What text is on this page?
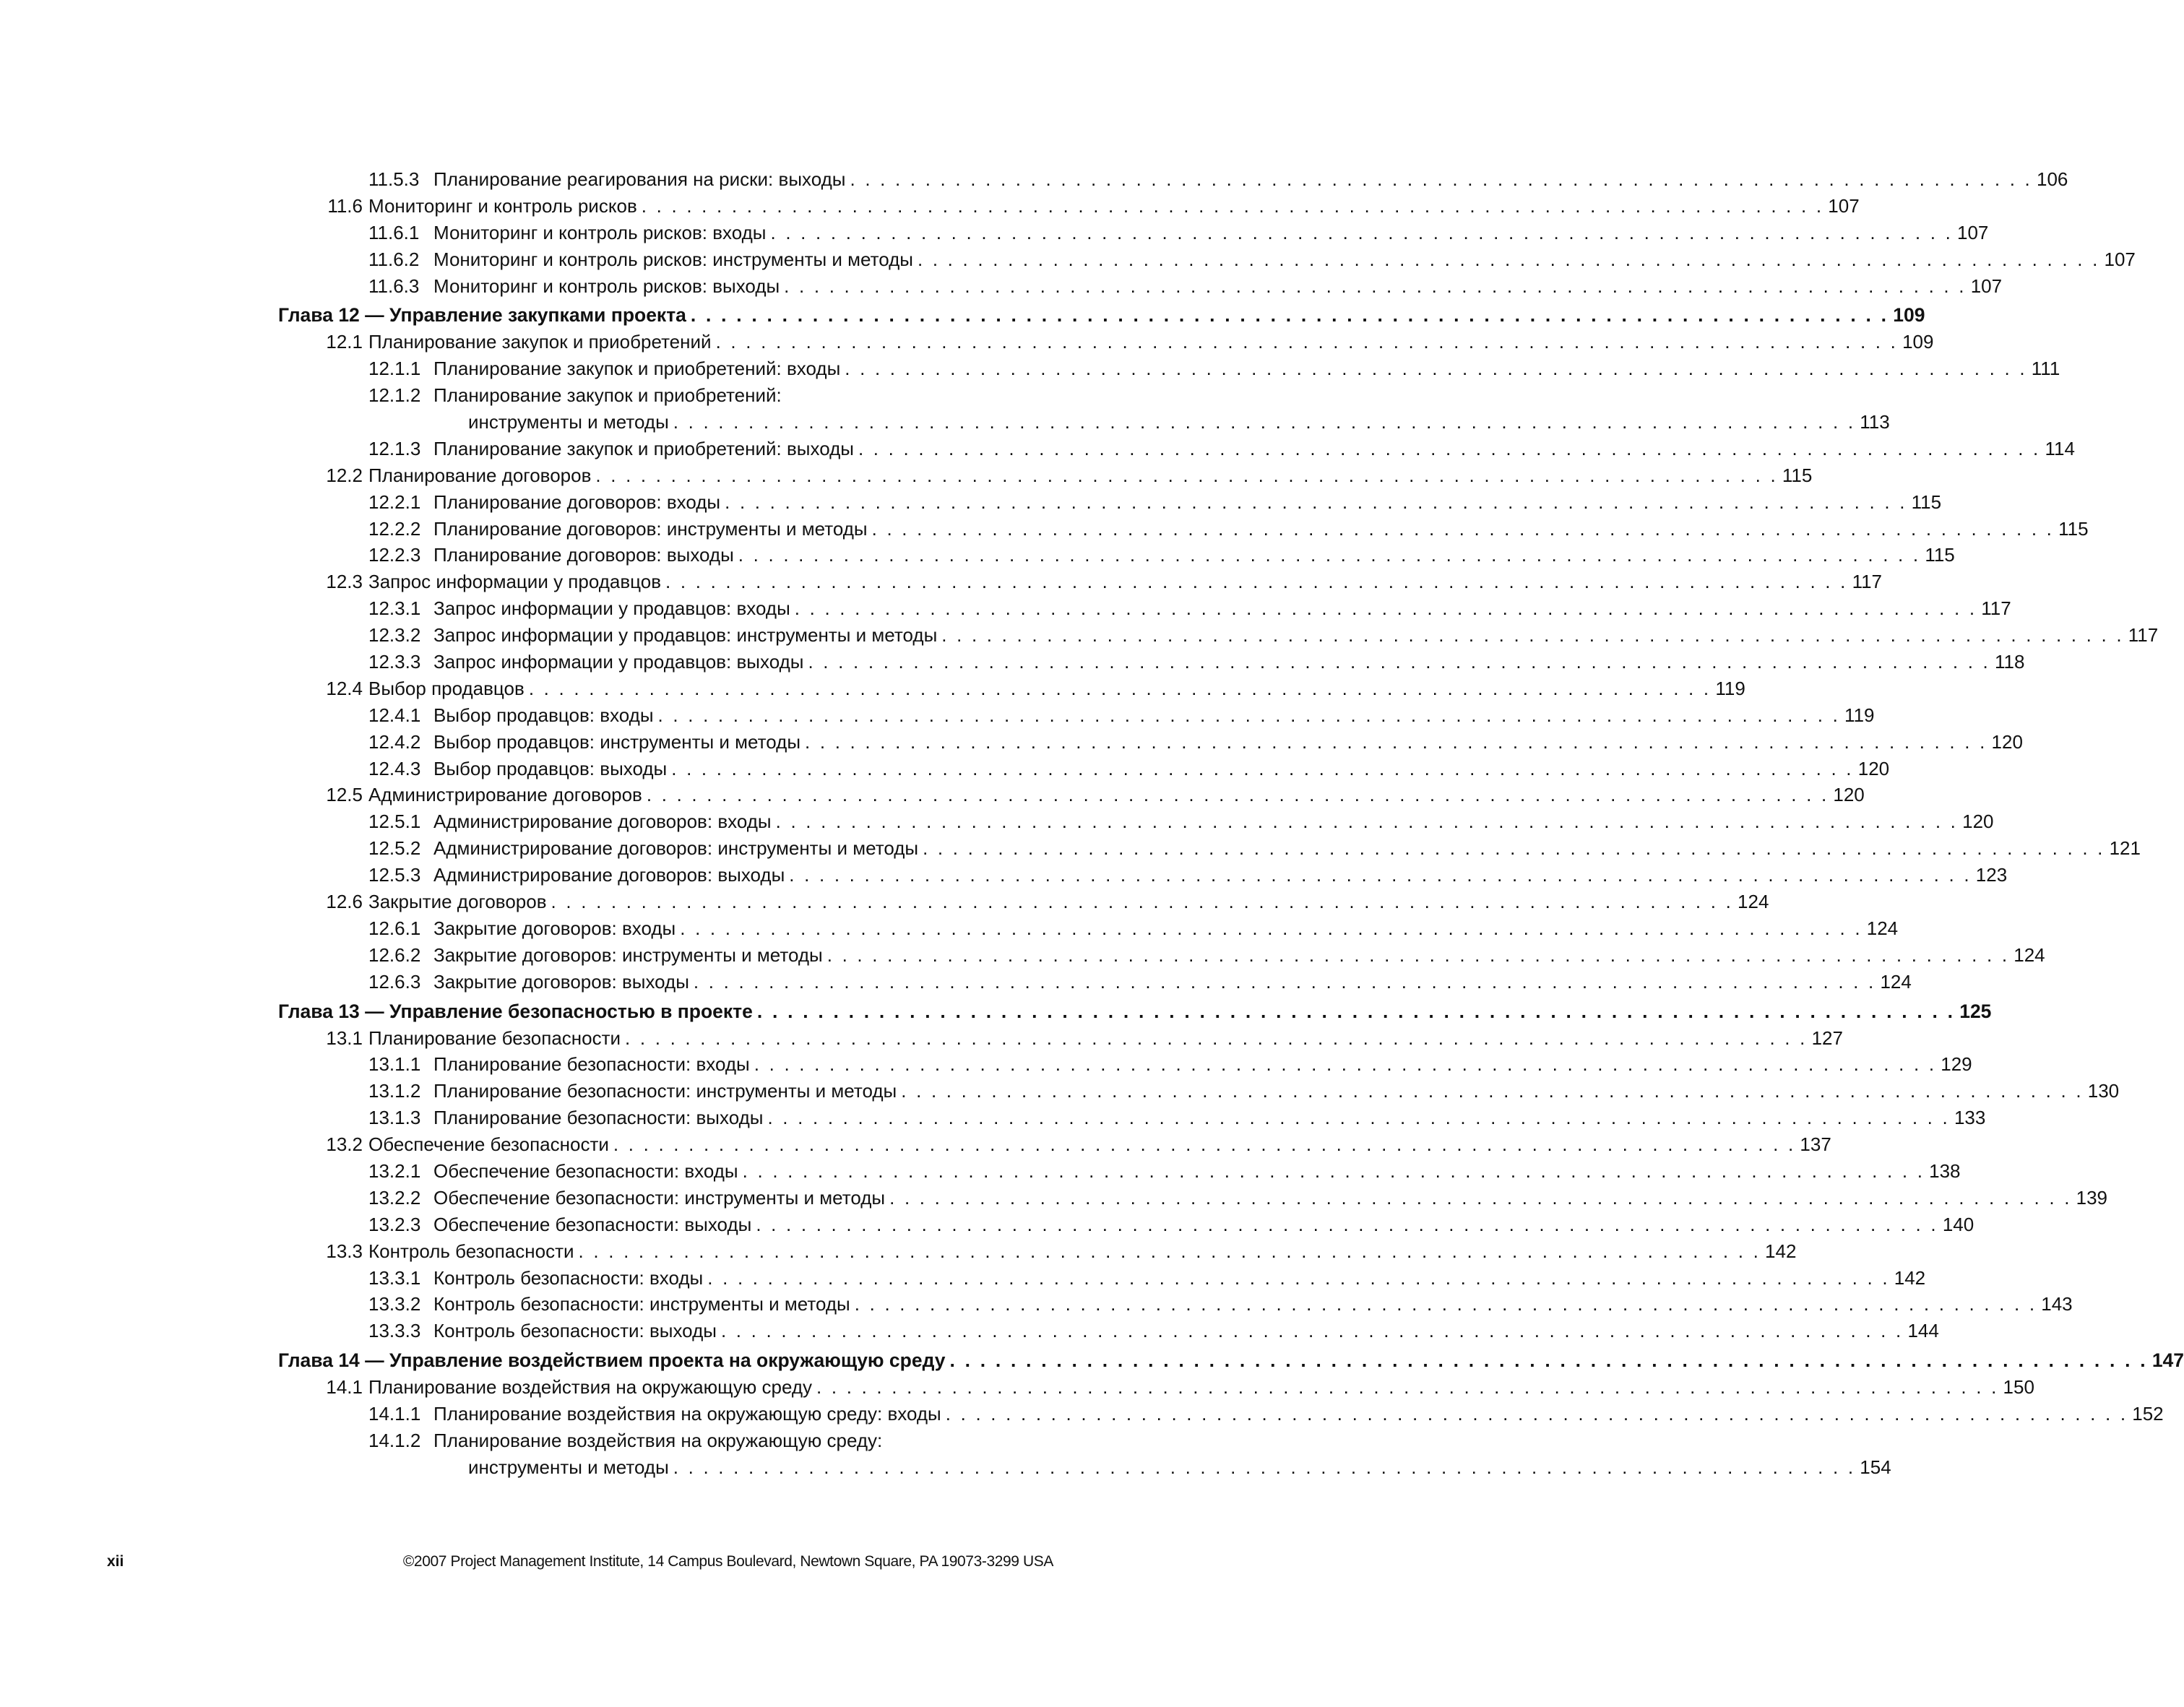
11.5.3 Планирование реагирования на риски: выходы . . . . . . . . . . . . . . . . . . . . . . . . . . . . . . . . . . . . . . . . . . . . . . . . . . . . . . . . . . . . . . . . . . . . . . . . . . . . . . . 106
11.6 Мониторинг и контроль рисков . . . . . . . . . . . . . . . . . . . . . . . . . . . . . . . . . . . . . . . . . . . . . . . . . . . . . . . . . . . . . . . . . . . . . . . . . . . . . . . 107
11.6.1 Мониторинг и контроль рисков: входы . . . . . . . . . . . . . . . . . . . . . . . . . . . . . . . . . . . . . . . . . . . . . . . . . . . . . . . . . . . . . . . . . . . . . . . . . . . . . . . 107
11.6.2 Мониторинг и контроль рисков: инструменты и методы . . . . . . . . . . . . . . . . . . . . . . . . . . . . . . . . . . . . . . . . . . . . . . . . . . . . . . . . . . . . . . . . . . . . . . . . . . . . . . . 107
11.6.3 Мониторинг и контроль рисков: выходы . . . . . . . . . . . . . . . . . . . . . . . . . . . . . . . . . . . . . . . . . . . . . . . . . . . . . . . . . . . . . . . . . . . . . . . . . . . . . . . 107
Глава 12 — Управление закупками проекта . . . . . . . . . . . . . . . . . . . . . . . . . . . . . . . . . . . . . . . . . . . . . . . . . . . . . . . . . . . . . . . . . . . . . . . . . . . . . . . 109
12.1 Планирование закупок и приобретений . . . . . . . . . . . . . . . . . . . . . . . . . . . . . . . . . . . . . . . . . . . . . . . . . . . . . . . . . . . . . . . . . . . . . . . . . . . . . . . 109
12.1.1 Планирование закупок и приобретений: входы . . . . . . . . . . . . . . . . . . . . . . . . . . . . . . . . . . . . . . . . . . . . . . . . . . . . . . . . . . . . . . . . . . . . . . . . . . . . . . . 111
12.1.2 Планирование закупок и приобретений:
инструменты и методы . . . . . . . . . . . . . . . . . . . . . . . . . . . . . . . . . . . . . . . . . . . . . . . . . . . . . . . . . . . . . . . . . . . . . . . . . . . . . . . 113
12.1.3 Планирование закупок и приобретений: выходы . . . . . . . . . . . . . . . . . . . . . . . . . . . . . . . . . . . . . . . . . . . . . . . . . . . . . . . . . . . . . . . . . . . . . . . . . . . . . . . 114
12.2 Планирование договоров . . . . . . . . . . . . . . . . . . . . . . . . . . . . . . . . . . . . . . . . . . . . . . . . . . . . . . . . . . . . . . . . . . . . . . . . . . . . . . . 115
12.2.1 Планирование договоров: входы . . . . . . . . . . . . . . . . . . . . . . . . . . . . . . . . . . . . . . . . . . . . . . . . . . . . . . . . . . . . . . . . . . . . . . . . . . . . . . . 115
12.2.2 Планирование договоров: инструменты и методы . . . . . . . . . . . . . . . . . . . . . . . . . . . . . . . . . . . . . . . . . . . . . . . . . . . . . . . . . . . . . . . . . . . . . . . . . . . . . . . 115
12.2.3 Планирование договоров: выходы . . . . . . . . . . . . . . . . . . . . . . . . . . . . . . . . . . . . . . . . . . . . . . . . . . . . . . . . . . . . . . . . . . . . . . . . . . . . . . . 115
12.3 Запрос информации у продавцов . . . . . . . . . . . . . . . . . . . . . . . . . . . . . . . . . . . . . . . . . . . . . . . . . . . . . . . . . . . . . . . . . . . . . . . . . . . . . . . 117
12.3.1 Запрос информации у продавцов: входы . . . . . . . . . . . . . . . . . . . . . . . . . . . . . . . . . . . . . . . . . . . . . . . . . . . . . . . . . . . . . . . . . . . . . . . . . . . . . . . 117
12.3.2 Запрос информации у продавцов: инструменты и методы . . . . . . . . . . . . . . . . . . . . . . . . . . . . . . . . . . . . . . . . . . . . . . . . . . . . . . . . . . . . . . . . . . . . . . . . . . . . . . . 117
12.3.3 Запрос информации у продавцов: выходы . . . . . . . . . . . . . . . . . . . . . . . . . . . . . . . . . . . . . . . . . . . . . . . . . . . . . . . . . . . . . . . . . . . . . . . . . . . . . . . 118
12.4 Выбор продавцов . . . . . . . . . . . . . . . . . . . . . . . . . . . . . . . . . . . . . . . . . . . . . . . . . . . . . . . . . . . . . . . . . . . . . . . . . . . . . . . 119
12.4.1 Выбор продавцов: входы . . . . . . . . . . . . . . . . . . . . . . . . . . . . . . . . . . . . . . . . . . . . . . . . . . . . . . . . . . . . . . . . . . . . . . . . . . . . . . . 119
12.4.2 Выбор продавцов: инструменты и методы . . . . . . . . . . . . . . . . . . . . . . . . . . . . . . . . . . . . . . . . . . . . . . . . . . . . . . . . . . . . . . . . . . . . . . . . . . . . . . . 120
12.4.3 Выбор продавцов: выходы . . . . . . . . . . . . . . . . . . . . . . . . . . . . . . . . . . . . . . . . . . . . . . . . . . . . . . . . . . . . . . . . . . . . . . . . . . . . . . . 120
12.5 Администрирование договоров . . . . . . . . . . . . . . . . . . . . . . . . . . . . . . . . . . . . . . . . . . . . . . . . . . . . . . . . . . . . . . . . . . . . . . . . . . . . . . . 120
12.5.1 Администрирование договоров: входы . . . . . . . . . . . . . . . . . . . . . . . . . . . . . . . . . . . . . . . . . . . . . . . . . . . . . . . . . . . . . . . . . . . . . . . . . . . . . . . 120
12.5.2 Администрирование договоров: инструменты и методы . . . . . . . . . . . . . . . . . . . . . . . . . . . . . . . . . . . . . . . . . . . . . . . . . . . . . . . . . . . . . . . . . . . . . . . . . . . . . . . 121
12.5.3 Администрирование договоров: выходы . . . . . . . . . . . . . . . . . . . . . . . . . . . . . . . . . . . . . . . . . . . . . . . . . . . . . . . . . . . . . . . . . . . . . . . . . . . . . . . 123
12.6 Закрытие договоров . . . . . . . . . . . . . . . . . . . . . . . . . . . . . . . . . . . . . . . . . . . . . . . . . . . . . . . . . . . . . . . . . . . . . . . . . . . . . . . 124
12.6.1 Закрытие договоров: входы . . . . . . . . . . . . . . . . . . . . . . . . . . . . . . . . . . . . . . . . . . . . . . . . . . . . . . . . . . . . . . . . . . . . . . . . . . . . . . . 124
12.6.2 Закрытие договоров: инструменты и методы . . . . . . . . . . . . . . . . . . . . . . . . . . . . . . . . . . . . . . . . . . . . . . . . . . . . . . . . . . . . . . . . . . . . . . . . . . . . . . . 124
12.6.3 Закрытие договоров: выходы . . . . . . . . . . . . . . . . . . . . . . . . . . . . . . . . . . . . . . . . . . . . . . . . . . . . . . . . . . . . . . . . . . . . . . . . . . . . . . . 124
Глава 13 — Управление безопасностью в проекте . . . . . . . . . . . . . . . . . . . . . . . . . . . . . . . . . . . . . . . . . . . . . . . . . . . . . . . . . . . . . . . . . . . . . . . . . . . . . . . 125
13.1 Планирование безопасности . . . . . . . . . . . . . . . . . . . . . . . . . . . . . . . . . . . . . . . . . . . . . . . . . . . . . . . . . . . . . . . . . . . . . . . . . . . . . . . 127
13.1.1 Планирование безопасности: входы . . . . . . . . . . . . . . . . . . . . . . . . . . . . . . . . . . . . . . . . . . . . . . . . . . . . . . . . . . . . . . . . . . . . . . . . . . . . . . . 129
13.1.2 Планирование безопасности: инструменты и методы . . . . . . . . . . . . . . . . . . . . . . . . . . . . . . . . . . . . . . . . . . . . . . . . . . . . . . . . . . . . . . . . . . . . . . . . . . . . . . . 130
13.1.3 Планирование безопасности: выходы . . . . . . . . . . . . . . . . . . . . . . . . . . . . . . . . . . . . . . . . . . . . . . . . . . . . . . . . . . . . . . . . . . . . . . . . . . . . . . . 133
13.2 Обеспечение безопасности . . . . . . . . . . . . . . . . . . . . . . . . . . . . . . . . . . . . . . . . . . . . . . . . . . . . . . . . . . . . . . . . . . . . . . . . . . . . . . . 137
13.2.1 Обеспечение безопасности: входы . . . . . . . . . . . . . . . . . . . . . . . . . . . . . . . . . . . . . . . . . . . . . . . . . . . . . . . . . . . . . . . . . . . . . . . . . . . . . . . 138
13.2.2 Обеспечение безопасности: инструменты и методы . . . . . . . . . . . . . . . . . . . . . . . . . . . . . . . . . . . . . . . . . . . . . . . . . . . . . . . . . . . . . . . . . . . . . . . . . . . . . . . 139
13.2.3 Обеспечение безопасности: выходы . . . . . . . . . . . . . . . . . . . . . . . . . . . . . . . . . . . . . . . . . . . . . . . . . . . . . . . . . . . . . . . . . . . . . . . . . . . . . . . 140
13.3 Контроль безопасности . . . . . . . . . . . . . . . . . . . . . . . . . . . . . . . . . . . . . . . . . . . . . . . . . . . . . . . . . . . . . . . . . . . . . . . . . . . . . . . 142
13.3.1 Контроль безопасности: входы . . . . . . . . . . . . . . . . . . . . . . . . . . . . . . . . . . . . . . . . . . . . . . . . . . . . . . . . . . . . . . . . . . . . . . . . . . . . . . . 142
13.3.2 Контроль безопасности: инструменты и методы . . . . . . . . . . . . . . . . . . . . . . . . . . . . . . . . . . . . . . . . . . . . . . . . . . . . . . . . . . . . . . . . . . . . . . . . . . . . . . . 143
13.3.3 Контроль безопасности: выходы . . . . . . . . . . . . . . . . . . . . . . . . . . . . . . . . . . . . . . . . . . . . . . . . . . . . . . . . . . . . . . . . . . . . . . . . . . . . . . . 144
Глава 14 — Управление воздействием проекта на окружающую среду . . . . . . . . . . . . . . . . . . . . . . . . . . . . . . . . . . . . . . . . . . . . . . . . . . . . . . . . . . . . . . . . . . . . . . . . . . . . . . . 147
14.1 Планирование воздействия на окружающую среду . . . . . . . . . . . . . . . . . . . . . . . . . . . . . . . . . . . . . . . . . . . . . . . . . . . . . . . . . . . . . . . . . . . . . . . . . . . . . . . 150
14.1.1 Планирование воздействия на окружающую среду: входы . . . . . . . . . . . . . . . . . . . . . . . . . . . . . . . . . . . . . . . . . . . . . . . . . . . . . . . . . . . . . . . . . . . . . . . . . . . . . . . 152
14.1.2 Планирование воздействия на окружающую среду:
инструменты и методы . . . . . . . . . . . . . . . . . . . . . . . . . . . . . . . . . . . . . . . . . . . . . . . . . . . . . . . . . . . . . . . . . . . . . . . . . . . . . . . 154
xii	©2007 Project Management Institute, 14 Campus Boulevard, Newtown Square, PA 19073-3299 USA
